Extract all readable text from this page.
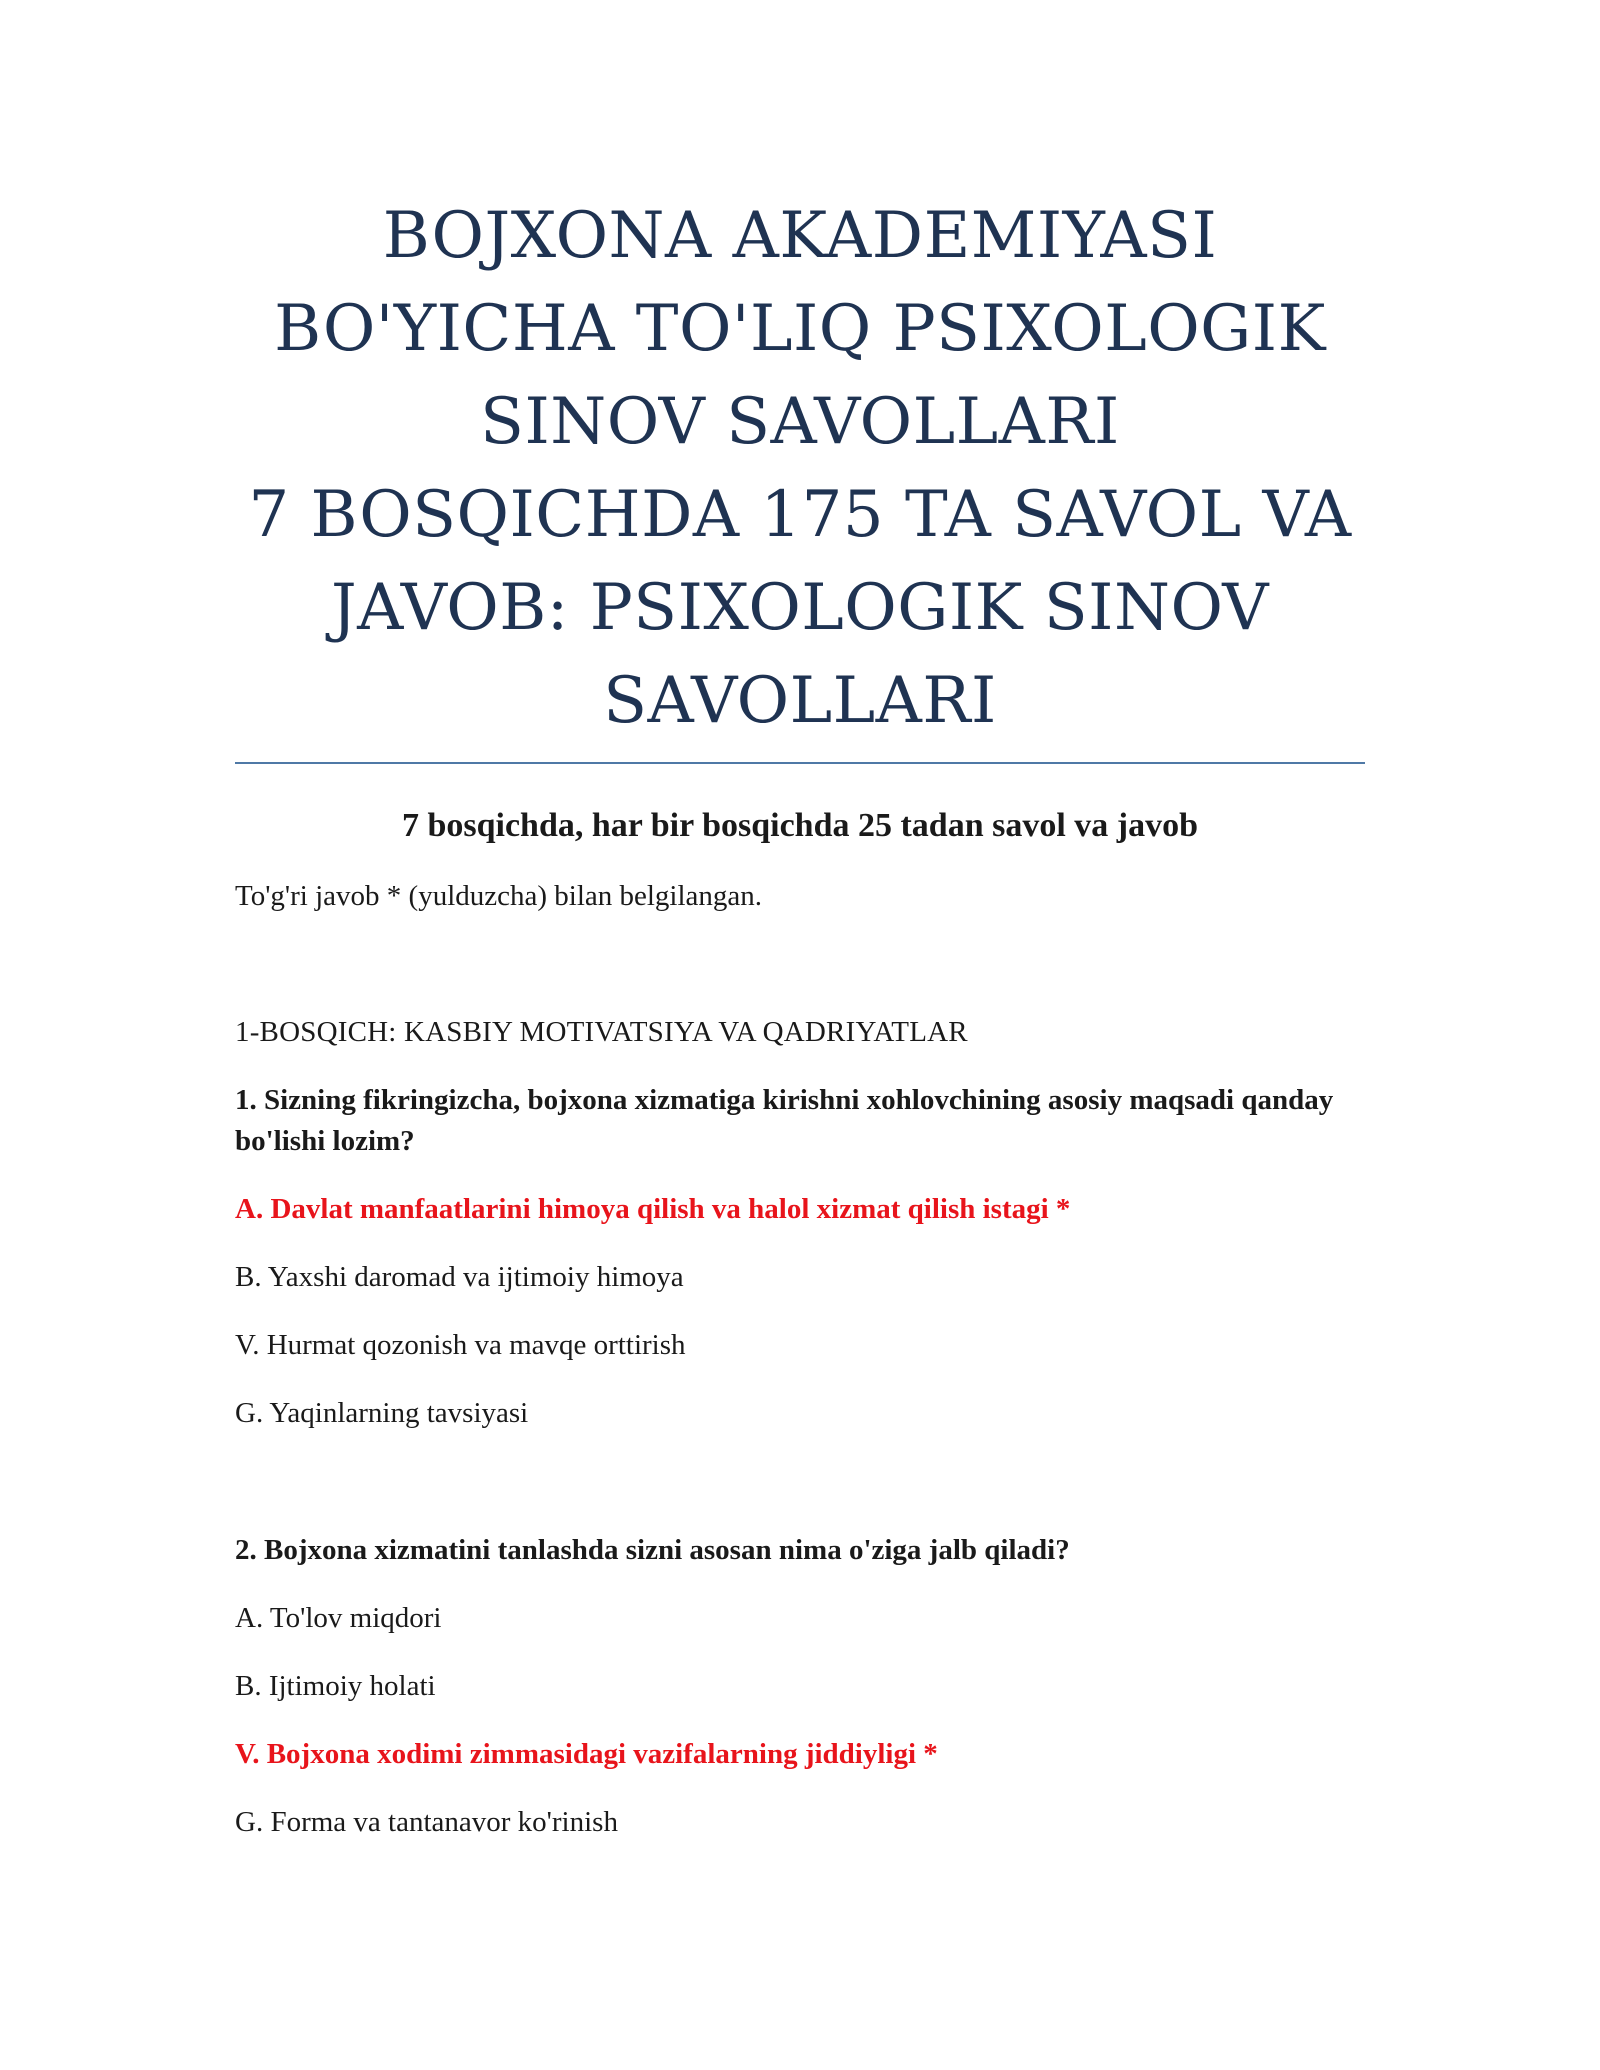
BOJXONA AKADEMIYASI
BO'YICHA TO'LIQ PSIXOLOGIK
SINOV SAVOLLARI
7 BOSQICHDA 175 TA SAVOL VA
JAVOB: PSIXOLOGIK SINOV
SAVOLLARI

7 bosqichda, har bir bosqichda 25 tadan savol va javob

To'g'ri javob * (yulduzcha) bilan belgilangan.

1-BOSQICH: KASBIY MOTIVATSIYA VA QADRIYATLAR

1. Sizning fikringizcha, bojxona xizmatiga kirishni xohlovchining asosiy maqsadi qanday bo'lishi lozim?

A. Davlat manfaatlarini himoya qilish va halol xizmat qilish istagi *

B. Yaxshi daromad va ijtimoiy himoya

V. Hurmat qozonish va mavqe orttirish

G. Yaqinlarning tavsiyasi

2. Bojxona xizmatini tanlashda sizni asosan nima o'ziga jalb qiladi?

A. To'lov miqdori

B. Ijtimoiy holati

V. Bojxona xodimi zimmasidagi vazifalarning jiddiyligi *

G. Forma va tantanavor ko'rinish
